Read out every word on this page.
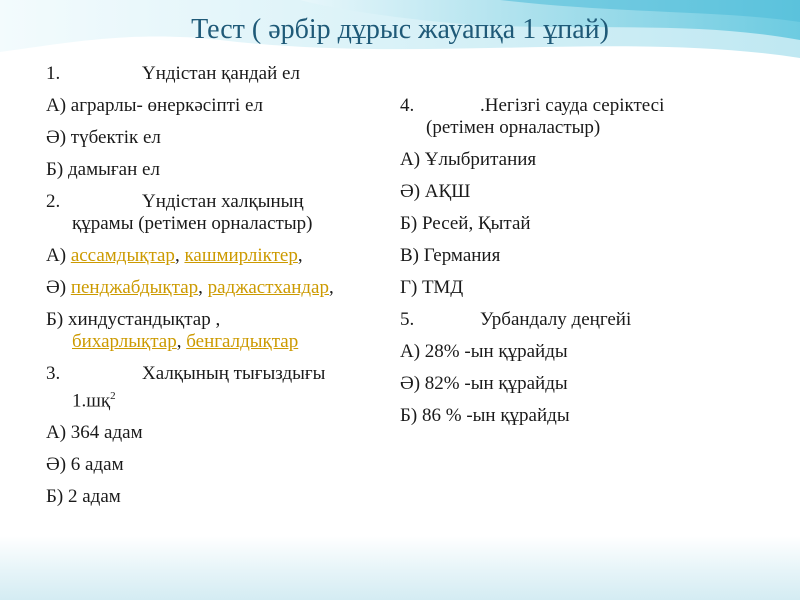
Тест ( әрбір дұрыс жауапқа 1 ұпай)
1.	Үндістан қандай ел
А) аграрлы- өнеркәсіпті ел
Ә) түбектік ел
Б) дамыған ел
2.	Үндістан халқының
құрамы (ретімен орналастыр)
А) ассамдықтар, кашмирліктер,
Ә) пенджабдықтар, раджастхандар,
Б) хиндустандықтар ,
бихарлықтар, бенгалдықтар
3.	Халқының тығыздығы
$1.шқ^2$
А) 364 адам
Ә) 6 адам
Б) 2 адам
4.	.Негізгі сауда серіктесі
(ретімен орналастыр)
А) Ұлыбритания
Ә) АҚШ
Б) Ресей, Қытай
В) Германия
Г) ТМД
5.	Урбандалу деңгейі
А) 28% -ын құрайды
Ә) 82% -ын құрайды
Б) 86 % -ын құрайды
